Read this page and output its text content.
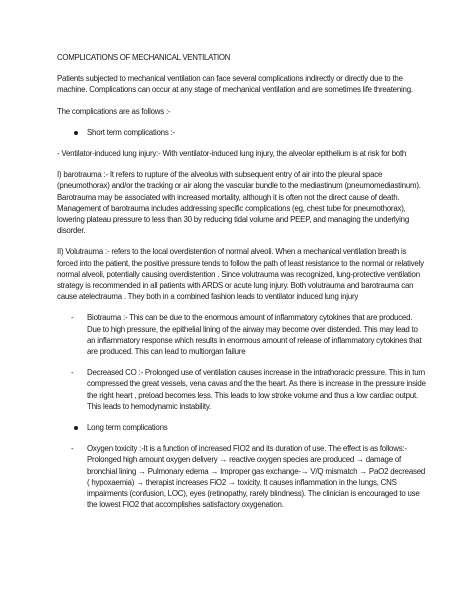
COMPLICATIONS OF MECHANICAL VENTILATION

Patients subjected to mechanical ventilation can face several complications indirectly or directly due to the machine. Complications can occur at any stage of mechanical ventilation and are sometimes life threatening.

The complications are as follows :-

Short term complications :-

- Ventilator-induced lung injury:- With ventilator-induced lung injury, the alveolar epithelium is at risk for both

I) barotrauma :- It refers to rupture of the alveolus with subsequent entry of air into the pleural space (pneumothorax) and/or the tracking or air along the vascular bundle to the mediastinum (pneumomediastinum). Barotrauma may be associated with increased mortality, although it is often not the direct cause of death. Management of barotrauma includes addressing specific complications (eg, chest tube for pneumothorax), lowering plateau pressure to less than 30 by reducing tidal volume and PEEP, and managing the underlying disorder.

II) Volutrauma :- refers to the local overdistention of normal alveoli. When a mechanical ventilation breath is forced into the patient, the positive pressure tends to follow the path of least resistance to the normal or relatively normal alveoli, potentially causing overdistention . Since volutrauma was recognized, lung-protective ventilation strategy is recommended in all patients with ARDS or acute lung injury. Both volutrauma and barotrauma can cause atelectrauma . They both in a combined fashion leads to ventilator induced lung injury

- Biotrauma :- This can be due to the enormous amount of inflammatory cytokines that are produced. Due to high pressure, the epithelial lining of the airway may become over distended. This may lead to an inflammatory response which results in enormous amount of release of inflammatory cytokines that are produced. This can lead to multiorgan failure
- Decreased CO :- Prolonged use of ventilation causes increase in the intrathoracic pressure. This in turn compressed the great vessels, vena cavas and the the heart. As there is increase in the pressure inside the right heart , preload becomes less. This leads to low stroke volume and thus a low cardiac output. This leads to hemodynamic instability.

Long term complications

- Oxygen toxicity :-It is a function of increased FIO2 and its duration of use. The effect is as follows:- Prolonged high amount oxygen delivery → reactive oxygen species are produced → damage of bronchial lining → Pulmonary edema → Improper gas exchange-→ V/Q mismatch → PaO2 decreased ( hypoxaemia) → therapist increases FiO2 → toxicity. It causes inflammation in the lungs, CNS impairments (confusion, LOC), eyes (retinopathy, rarely blindness). The clinician is encouraged to use the lowest FIO2 that accomplishes satisfactory oxygenation.
